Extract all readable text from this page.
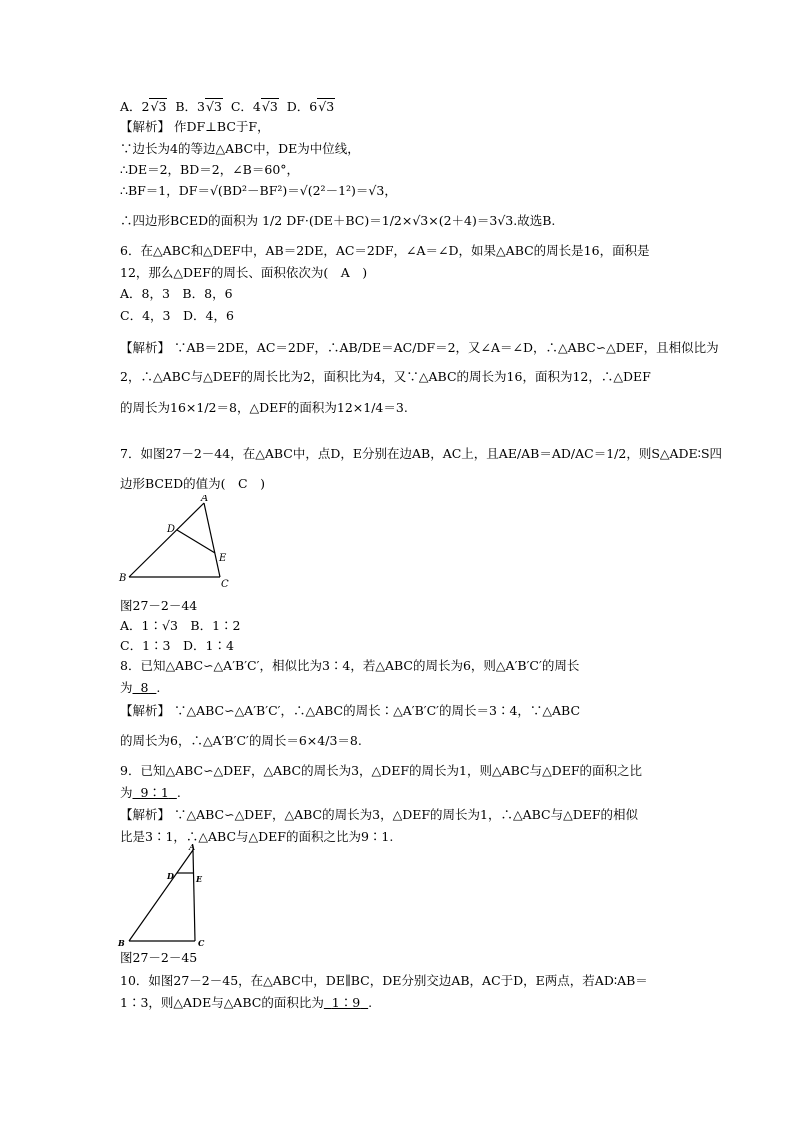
A．2√3  B．3√3  C．4√3  D．6√3
【解析】 作DF⊥BC于F，
∵边长为4的等边△ABC中，DE为中位线，
∴DE＝2，BD＝2，∠B＝60°，
∴BF＝1，DF＝√(BD²－BF²)＝√(2²－1²)＝√3，
∴四边形BCED的面积为 1/2 DF·(DE＋BC)＝1/2×√3×(2＋4)＝3√3.故选B.
6．在△ABC和△DEF中，AB＝2DE，AC＝2DF，∠A＝∠D，如果△ABC的周长是16，面积是
12，那么△DEF的周长、面积依次为(　A　)
A．8，3　B．8，6
C．4，3　D．4，6
【解析】 ∵AB＝2DE，AC＝2DF，∴AB/DE＝AC/DF＝2，又∠A＝∠D，∴△ABC∽△DEF，且相似比为
2，∴△ABC与△DEF的周长比为2，面积比为4，又∵△ABC的周长为16，面积为12，∴△DEF
的周长为16×1/2＝8，△DEF的面积为12×1/4＝3.
7．如图27－2－44，在△ABC中，点D，E分别在边AB，AC上，且AE/AB＝AD/AC＝1/2，则S△ADE∶S四
边形BCED的值为(　C　)
A
B
C
D
E
图27－2－44
A．1∶√3　B．1∶2
C．1∶3　D．1∶4
8．已知△ABC∽△A′B′C′，相似比为3∶4，若△ABC的周长为6，则△A′B′C′的周长
为 8 .
【解析】 ∵△ABC∽△A′B′C′，∴△ABC的周长∶△A′B′C′的周长＝3∶4，∵△ABC
的周长为6，∴△A′B′C′的周长＝6×4/3＝8.
9．已知△ABC∽△DEF，△ABC的周长为3，△DEF的周长为1，则△ABC与△DEF的面积之比
为 9∶1 .
【解析】 ∵△ABC∽△DEF，△ABC的周长为3，△DEF的周长为1，∴△ABC与△DEF的相似
比是3∶1，∴△ABC与△DEF的面积之比为9∶1.
A
B	C
D	E
图27－2－45
10．如图27－2－45，在△ABC中，DE∥BC，DE分别交边AB，AC于D，E两点，若AD∶AB＝
1∶3，则△ADE与△ABC的面积比为 1∶9 .
